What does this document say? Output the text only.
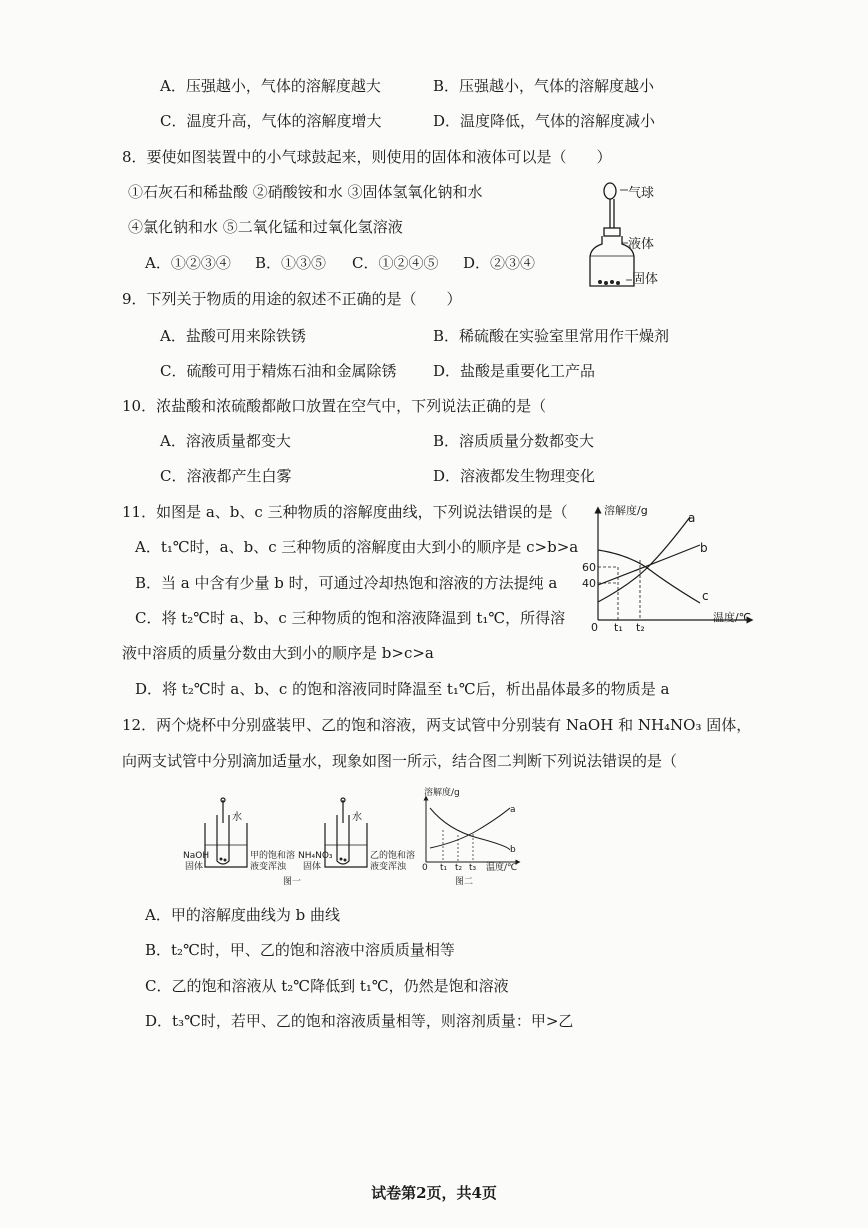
A．压强越小，气体的溶解度越大	B．压强越小，气体的溶解度越小
C．温度升高，气体的溶解度增大	D．温度降低，气体的溶解度减小
8．要使如图装置中的小气球鼓起来，则使用的固体和液体可以是（　　）
①石灰石和稀盐酸 ②硝酸铵和水 ③固体氢氧化钠和水
④氯化钠和水 ⑤二氧化锰和过氧化氢溶液
A．①②③④ B．①③⑤ C．①②④⑤ D．②③④
气球
液体
固体
9．下列关于物质的用途的叙述不正确的是（　　）
A．盐酸可用来除铁锈	B．稀硫酸在实验室里常用作干燥剂
C．硫酸可用于精炼石油和金属除锈 D．盐酸是重要化工产品
10．浓盐酸和浓硫酸都敞口放置在空气中，下列说法正确的是（
A．溶液质量都变大	B．溶质质量分数都变大
C．溶液都产生白雾	D．溶液都发生物理变化
11．如图是 a、b、c 三种物质的溶解度曲线，下列说法错误的是（
A．t₁℃时，a、b、c 三种物质的溶解度由大到小的顺序是 c>b>a
B．当 a 中含有少量 b 时，可通过冷却热饱和溶液的方法提纯 a
C．将 t₂℃时 a、b、c 三种物质的饱和溶液降温到 t₁℃，所得溶
液中溶质的质量分数由大到小的顺序是 b>c>a
D．将 t₂℃时 a、b、c 的饱和溶液同时降温至 t₁℃后，析出晶体最多的物质是 a
溶解度/g
温度/℃
0
60
40
t₁ t₂
a
b
c
12．两个烧杯中分别盛装甲、乙的饱和溶液，两支试管中分别装有 NaOH 和 NH₄NO₃ 固体，
向两支试管中分别滴加适量水，现象如图一所示，结合图二判断下列说法错误的是（
水	水
NaOH
固体
甲的饱和溶
液变浑浊
NH₄NO₃
固体
乙的饱和溶
液变浑浊
图一
溶解度/g
温度/℃
0 t₁ t₂ t₃
a
b
图二
A．甲的溶解度曲线为 b 曲线
B．t₂℃时，甲、乙的饱和溶液中溶质质量相等
C．乙的饱和溶液从 t₂℃降低到 t₁℃，仍然是饱和溶液
D．t₃℃时，若甲、乙的饱和溶液质量相等，则溶剂质量：甲>乙
试卷第2页，共4页
